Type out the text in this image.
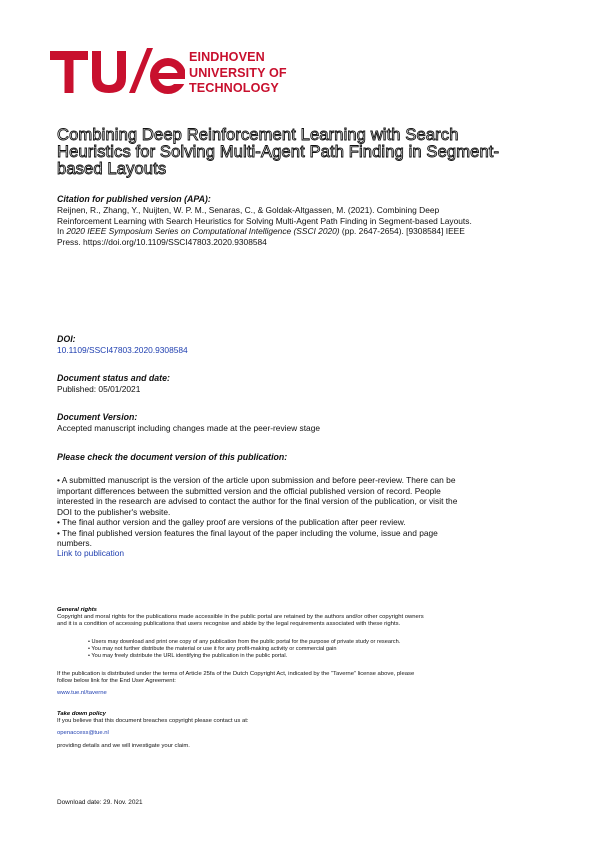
EINDHOVEN
UNIVERSITY OF
TECHNOLOGY
Combining Deep Reinforcement Learning with Search
Heuristics for Solving Multi-Agent Path Finding in Segment-
based Layouts
Citation for published version (APA):
Reijnen, R., Zhang, Y., Nuijten, W. P. M., Senaras, C., & Goldak-Altgassen, M. (2021). Combining Deep
Reinforcement Learning with Search Heuristics for Solving Multi-Agent Path Finding in Segment-based Layouts.
In 2020 IEEE Symposium Series on Computational Intelligence (SSCI 2020) (pp. 2647-2654). [9308584] IEEE
Press. https://doi.org/10.1109/SSCI47803.2020.9308584
DOI:
10.1109/SSCI47803.2020.9308584
Document status and date:
Published: 05/01/2021
Document Version:
Accepted manuscript including changes made at the peer-review stage
Please check the document version of this publication:
• A submitted manuscript is the version of the article upon submission and before peer-review. There can be
important differences between the submitted version and the official published version of record. People
interested in the research are advised to contact the author for the final version of the publication, or visit the
DOI to the publisher's website.
• The final author version and the galley proof are versions of the publication after peer review.
• The final published version features the final layout of the paper including the volume, issue and page
numbers.
Link to publication
General rights
Copyright and moral rights for the publications made accessible in the public portal are retained by the authors and/or other copyright owners
and it is a condition of accessing publications that users recognise and abide by the legal requirements associated with these rights.
• Users may download and print one copy of any publication from the public portal for the purpose of private study or research.
• You may not further distribute the material or use it for any profit-making activity or commercial gain
• You may freely distribute the URL identifying the publication in the public portal.
If the publication is distributed under the terms of Article 25fa of the Dutch Copyright Act, indicated by the “Taverne” license above, please
follow below link for the End User Agreement:
www.tue.nl/taverne
Take down policy
If you believe that this document breaches copyright please contact us at:
openaccess@tue.nl
providing details and we will investigate your claim.
Download date: 29. Nov. 2021
